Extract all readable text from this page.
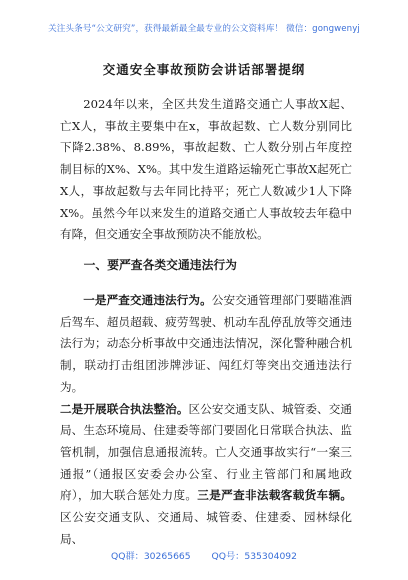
关注头条号“公文研究”，获得最新最全最专业的公文资料库！ 微信：gongwenyj
交通安全事故预防会讲话部署提纲

2024年以来，全区共发生道路交通亡人事故X起、亡X人，事故主要集中在x，事故起数、亡人数分别同比下降2.38%、8.89%，事故起数、亡人数分别占年度控制目标的X%、X%。其中发生道路运输死亡事故X起死亡X人，事故起数与去年同比持平；死亡人数减少1人下降X%。虽然今年以来发生的道路交通亡人事故较去年稳中有降，但交通安全事故预防决不能放松。

一、要严查各类交通违法行为

一是严查交通违法行为。公安交通管理部门要瞄准酒后驾车、超员超载、疲劳驾驶、机动车乱停乱放等交通违法行为；动态分析事故中交通违法情况，深化警种融合机制，联动打击组团涉牌涉证、闯红灯等突出交通违法行为。

二是开展联合执法整治。区公安交通支队、城管委、交通局、生态环境局、住建委等部门要固化日常联合执法、监管机制，加强信息通报流转。亡人交通事故实行“一案三通报”（通报区安委会办公室、行业主管部门和属地政府），加大联合惩处力度。三是严查非法载客载货车辆。区公安交通支队、交通局、城管委、住建委、园林绿化局、

QQ群：30265665 QQ号：535304092
